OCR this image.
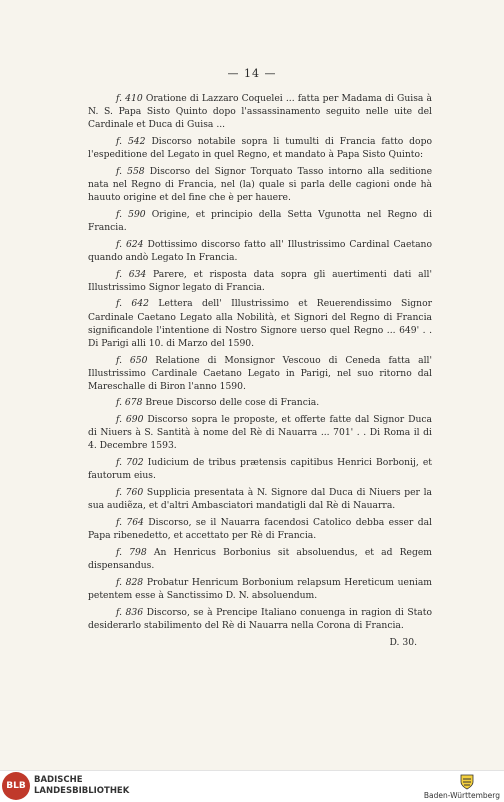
— 14 —

f. 410 Oratione di Lazzaro Coquelei ... fatta per Madama di Guisa à N. S. Papa Sisto Quinto dopo l'assassinamento seguito nelle uite del Cardinale et Duca di Guisa ...

f. 542 Discorso notabile sopra li tumulti di Francia fatto dopo l'espeditione del Legato in quel Regno, et mandato à Papa Sisto Quinto:

f. 558 Discorso del Signor Torquato Tasso intorno alla seditione nata nel Regno di Francia, nel (la) quale si parla delle cagioni onde hà hauuto origine et del fine che è per hauere.

f. 590 Origine, et principio della Setta Vgunotta nel Regno di Francia.

f. 624 Dottissimo discorso fatto all' Illustrissimo Cardinal Caetano quando andò Legato In Francia.

f. 634 Parere, et risposta data sopra gli auertimenti dati all' Illustrissimo Signor legato di Francia.

f. 642 Lettera dell' Illustrissimo et Reuerendissimo Signor Cardinale Caetano Legato alla Nobilità, et Signori del Regno di Francia significandole l'intentione di Nostro Signore uerso quel Regno ... 649' . . Di Parigi alli 10. di Marzo del 1590.

f. 650 Relatione di Monsignor Vescouo di Ceneda fatta all' Illustrissimo Cardinale Caetano Legato in Parigi, nel suo ritorno dal Mareschalle di Biron l'anno 1590.

f. 678 Breue Discorso delle cose di Francia.

f. 690 Discorso sopra le proposte, et offerte fatte dal Signor Duca di Niuers à S. Santità à nome del Rè di Nauarra ... 701' . . Di Roma il di 4. Decembre 1593.

f. 702 Iudicium de tribus prætensis capitibus Henrici Borbonij, et fautorum eius.

f. 760 Supplicia presentata à N. Signore dal Duca di Niuers per la sua audiẽza, et d'altri Ambasciatori mandatigli dal Rè di Nauarra.

f. 764 Discorso, se il Nauarra facendosi Catolico debba esser dal Papa ribenedetto, et accettato per Rè di Francia.

f. 798 An Henricus Borbonius sit absoluendus, et ad Regem dispensandus.

f. 828 Probatur Henricum Borbonium relapsum Hereticum ueniam petentem esse à Sanctissimo D. N. absoluendum.

f. 836 Discorso, se à Prencipe Italiano conuenga in ragion di Stato desiderarlo stabilimento del Rè di Nauarra nella Corona di Francia.

D. 30.
BLB
BADISCHE
LANDESBIBLIOTHEK	Baden-Württemberg
